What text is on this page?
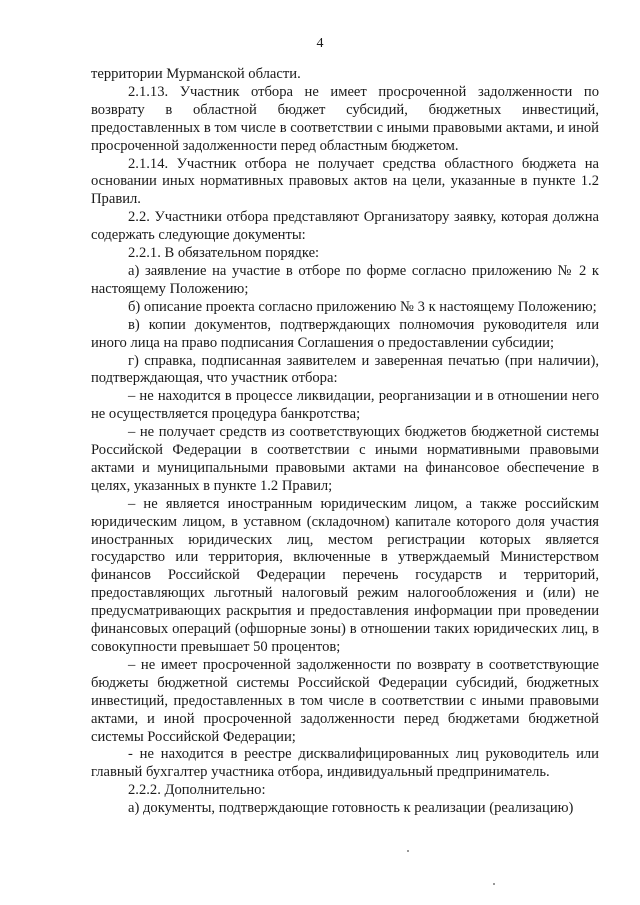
4

территории Мурманской области.

2.1.13. Участник отбора не имеет просроченной задолженности по возврату в областной бюджет субсидий, бюджетных инвестиций, предоставленных в том числе в соответствии с иными правовыми актами, и иной просроченной задолженности перед областным бюджетом.

2.1.14. Участник отбора не получает средства областного бюджета на основании иных нормативных правовых актов на цели, указанные в пункте 1.2 Правил.

2.2. Участники отбора представляют Организатору заявку, которая должна содержать следующие документы:

2.2.1. В обязательном порядке:

а) заявление на участие в отборе по форме согласно приложению № 2 к настоящему Положению;

б) описание проекта согласно приложению № 3 к настоящему Положению;

в) копии документов, подтверждающих полномочия руководителя или иного лица на право подписания Соглашения о предоставлении субсидии;

г) справка, подписанная заявителем и заверенная печатью (при наличии), подтверждающая, что участник отбора:

– не находится в процессе ликвидации, реорганизации и в отношении него не осуществляется процедура банкротства;

– не получает средств из соответствующих бюджетов бюджетной системы Российской Федерации в соответствии с иными нормативными правовыми актами и муниципальными правовыми актами на финансовое обеспечение в целях, указанных в пункте 1.2 Правил;

– не является иностранным юридическим лицом, а также российским юридическим лицом, в уставном (складочном) капитале которого доля участия иностранных юридических лиц, местом регистрации которых является государство или территория, включенные в утверждаемый Министерством финансов Российской Федерации перечень государств и территорий, предоставляющих льготный налоговый режим налогообложения и (или) не предусматривающих раскрытия и предоставления информации при проведении финансовых операций (офшорные зоны) в отношении таких юридических лиц, в совокупности превышает 50 процентов;

– не имеет просроченной задолженности по возврату в соответствующие бюджеты бюджетной системы Российской Федерации субсидий, бюджетных инвестиций, предоставленных в том числе в соответствии с иными правовыми актами, и иной просроченной задолженности перед бюджетами бюджетной системы Российской Федерации;

- не находится в реестре дисквалифицированных лиц руководитель или главный бухгалтер участника отбора, индивидуальный предприниматель.

2.2.2. Дополнительно:

а) документы, подтверждающие готовность к реализации (реализацию)
